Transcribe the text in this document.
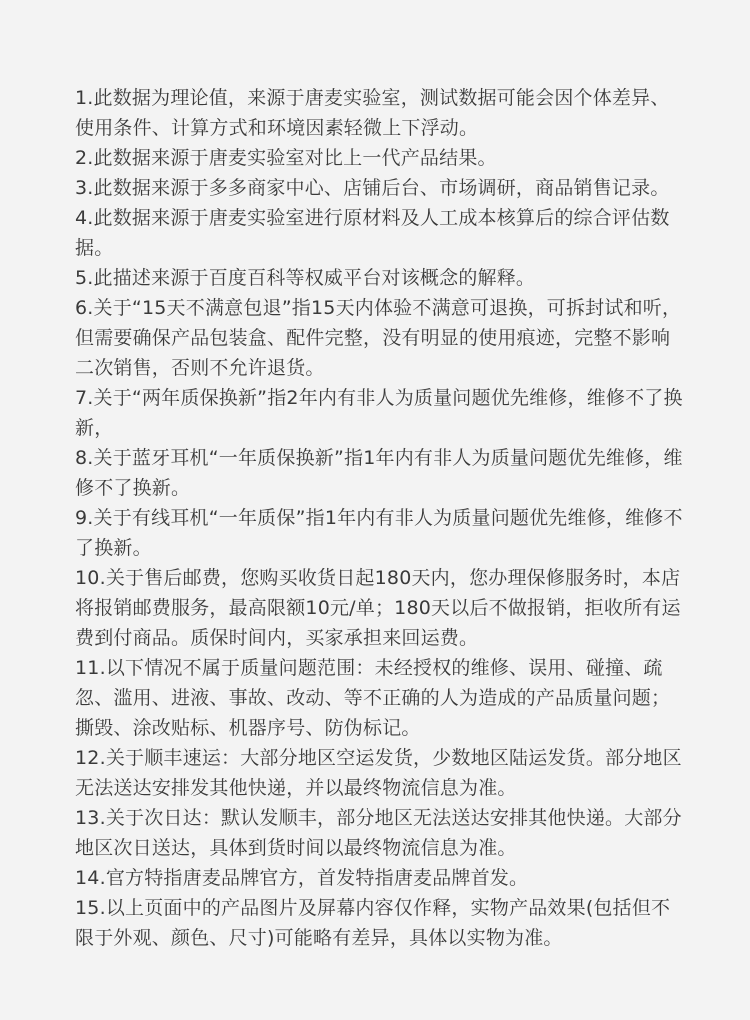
1.此数据为理论值，来源于唐麦实验室，测试数据可能会因个体差异、使用条件、计算方式和环境因素轻微上下浮动。
2.此数据来源于唐麦实验室对比上一代产品结果。
3.此数据来源于多多商家中心、店铺后台、市场调研，商品销售记录。
4.此数据来源于唐麦实验室进行原材料及人工成本核算后的综合评估数据。
5.此描述来源于百度百科等权威平台对该概念的解释。
6.关于“15天不满意包退”指15天内体验不满意可退换，可拆封试和听，但需要确保产品包装盒、配件完整，没有明显的使用痕迹，完整不影响二次销售，否则不允许退货。
7.关于“两年质保换新”指2年内有非人为质量问题优先维修，维修不了换新，
8.关于蓝牙耳机“一年质保换新”指1年内有非人为质量问题优先维修，维修不了换新。
9.关于有线耳机“一年质保”指1年内有非人为质量问题优先维修，维修不了换新。
10.关于售后邮费，您购买收货日起180天内，您办理保修服务时，本店将报销邮费服务，最高限额10元/单；180天以后不做报销，拒收所有运费到付商品。质保时间内，买家承担来回运费。
11.以下情况不属于质量问题范围：未经授权的维修、误用、碰撞、疏忽、滥用、进液、事故、改动、等不正确的人为造成的产品质量问题；撕毁、涂改贴标、机器序号、防伪标记。
12.关于顺丰速运：大部分地区空运发货，少数地区陆运发货。部分地区无法送达安排发其他快递，并以最终物流信息为准。
13.关于次日达：默认发顺丰，部分地区无法送达安排其他快递。大部分地区次日送达，具体到货时间以最终物流信息为准。
14.官方特指唐麦品牌官方，首发特指唐麦品牌首发。
15.以上页面中的产品图片及屏幕内容仅作释，实物产品效果(包括但不限于外观、颜色、尺寸)可能略有差异，具体以实物为准。
